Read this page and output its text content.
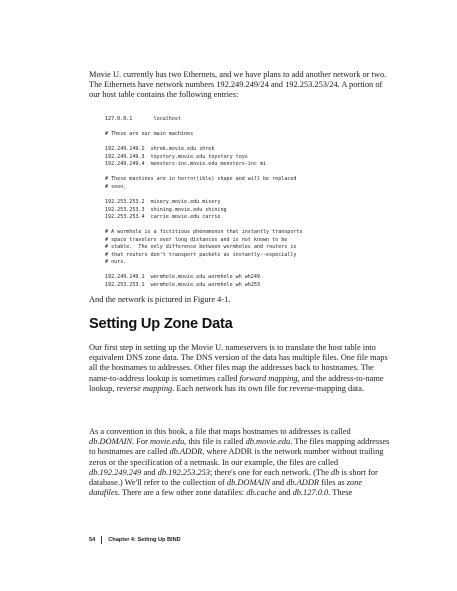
Movie U. currently has two Ethernets, and we have plans to add another network or two. The Ethernets have network numbers 192.249.249/24 and 192.253.253/24. A portion of our host table contains the following entries:

127.0.0.1       localhost

# These are our main machines

192.249.249.2  shrek.movie.edu shrek
192.249.249.3  toystory.movie.edu toystory toys
192.249.249.4  monsters-inc.movie.edu monsters-inc mi

# These machines are in horror(ible) shape and will be replaced
# soon.

192.253.253.2  misery.movie.edu misery
192.253.253.3  shining.movie.edu shining
192.253.253.4  carrie.movie.edu carrie

# A wormhole is a fictitious phenomenon that instantly transports
# space travelers over long distances and is not known to be
# stable.  The only difference between wormholes and routers is
# that routers don't transport packets as instantly--especially
# ours.

192.249.249.1  wormhole.movie.edu wormhole wh wh249
192.253.253.1  wormhole.movie.edu wormhole wh wh253

And the network is pictured in Figure 4-1.

Setting Up Zone Data

Our first step in setting up the Movie U. nameservers is to translate the host table into equivalent DNS zone data. The DNS version of the data has multiple files. One file maps all the hostnames to addresses. Other files map the addresses back to hostnames. The name-to-address lookup is sometimes called forward mapping, and the address-to-name lookup, reverse mapping. Each network has its own file for reverse-mapping data.

As a convention in this book, a file that maps hostnames to addresses is called db.DOMAIN. For movie.edu, this file is called db.movie.edu. The files mapping addresses to hostnames are called db.ADDR, where ADDR is the network number without trailing zeros or the specification of a netmask. In our example, the files are called db.192.249.249 and db.192.253.253; there's one for each network. (The db is short for database.) We'll refer to the collection of db.DOMAIN and db.ADDR files as zone datafiles. There are a few other zone datafiles: db.cache and db.127.0.0. These

54 Chapter 4: Setting Up BIND
